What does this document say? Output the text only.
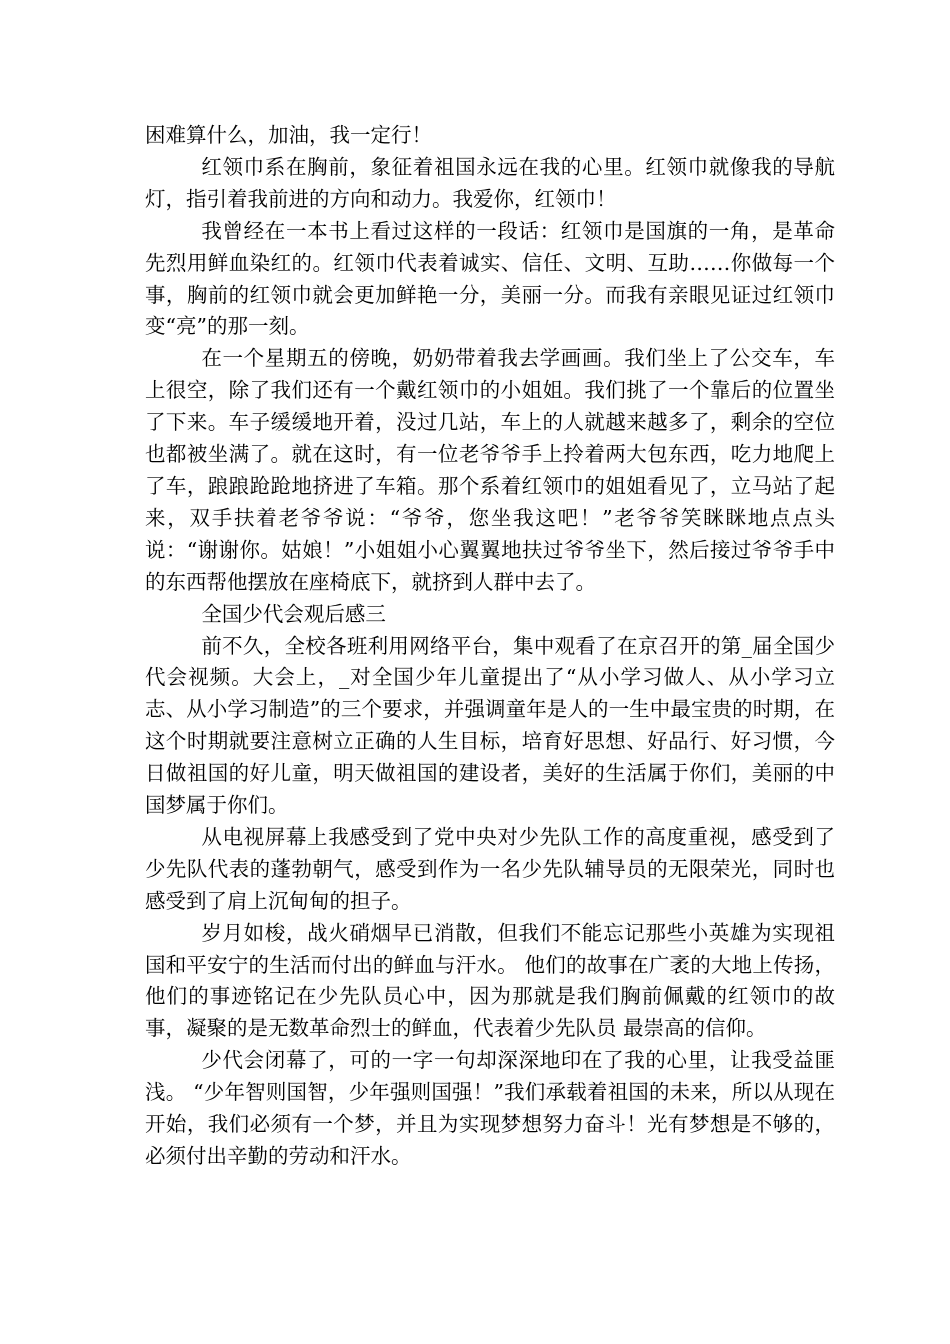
困难算什么，加油，我一定行！

红领巾系在胸前，象征着祖国永远在我的心里。红领巾就像我的导航灯，指引着我前进的方向和动力。我爱你，红领巾！

我曾经在一本书上看过这样的一段话：红领巾是国旗的一角，是革命先烈用鲜血染红的。红领巾代表着诚实、信任、文明、互助……你做每一个事，胸前的红领巾就会更加鲜艳一分，美丽一分。而我有亲眼见证过红领巾变“亮”的那一刻。

在一个星期五的傍晚，奶奶带着我去学画画。我们坐上了公交车，车上很空，除了我们还有一个戴红领巾的小姐姐。我们挑了一个靠后的位置坐了下来。车子缓缓地开着，没过几站，车上的人就越来越多了，剩余的空位也都被坐满了。就在这时，有一位老爷爷手上拎着两大包东西，吃力地爬上了车，踉踉跄跄地挤进了车箱。那个系着红领巾的姐姐看见了，立马站了起来，双手扶着老爷爷说：“爷爷，您坐我这吧！”老爷爷笑眯眯地点点头说：“谢谢你。姑娘！”小姐姐小心翼翼地扶过爷爷坐下，然后接过爷爷手中的东西帮他摆放在座椅底下，就挤到人群中去了。

全国少代会观后感三

前不久，全校各班利用网络平台，集中观看了在京召开的第_届全国少代会视频。大会上，_对全国少年儿童提出了“从小学习做人、从小学习立志、从小学习制造”的三个要求，并强调童年是人的一生中最宝贵的时期，在这个时期就要注意树立正确的人生目标，培育好思想、好品行、好习惯，今日做祖国的好儿童，明天做祖国的建设者，美好的生活属于你们，美丽的中国梦属于你们。

从电视屏幕上我感受到了党中央对少先队工作的高度重视，感受到了少先队代表的蓬勃朝气，感受到作为一名少先队辅导员的无限荣光，同时也感受到了肩上沉甸甸的担子。

岁月如梭，战火硝烟早已消散，但我们不能忘记那些小英雄为实现祖国和平安宁的生活而付出的鲜血与汗水。 他们的故事在广袤的大地上传扬，他们的事迹铭记在少先队员心中，因为那就是我们胸前佩戴的红领巾的故事，凝聚的是无数革命烈士的鲜血，代表着少先队员 最崇高的信仰。

少代会闭幕了，可的一字一句却深深地印在了我的心里，让我受益匪浅。 “少年智则国智，少年强则国强！”我们承载着祖国的未来，所以从现在开始，我们必须有一个梦，并且为实现梦想努力奋斗！光有梦想是不够的，必须付出辛勤的劳动和汗水。
